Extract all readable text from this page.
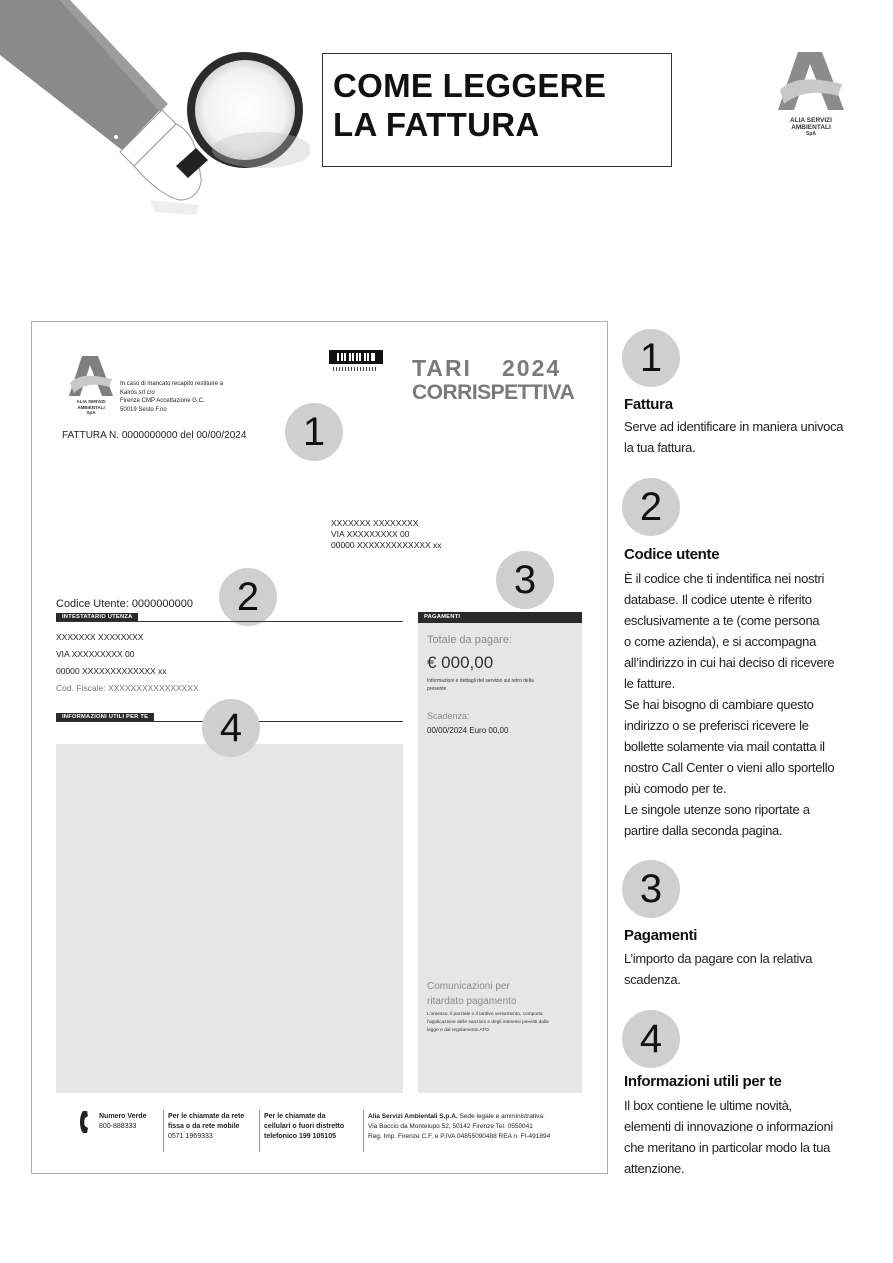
COME LEGGERE
LA FATTURA	ALIA SERVIZI
AMBIENTALI
SpA
ALIA SERVIZI
AMBIENTALI
SpA
In caso di mancato recapito restituire a
Kairós srl c/o
Firenze CMP Accettazione G.C.
50019 Sesto F.no
TARI 2024
CORRISPETTIVA
FATTURA N. 0000000000 del 00/00/2024	1
XXXXXXX XXXXXXXX
VIA XXXXXXXXX 00
00000 XXXXXXXXXXXXX xx
2
Codice Utente: 0000000000
INTESTATARIO UTENZA
XXXXXXX XXXXXXXX
VIA XXXXXXXXX 00
00000 XXXXXXXXXXXXX xx
Cod. Fiscale: XXXXXXXXXXXXXXXX
INFORMAZIONI UTILI PER TE	4
3
PAGAMENTI
Totale da pagare:
€ 000,00
Informazioni e dettagli del servizio sul retro della
presente
Scadenza:
00/00/2024 Euro 00,00
Comunicazioni per
ritardato pagamento
L'omesso, il parziale o il tardivo versamento, comporta
l'applicazione delle sanzioni e degli interessi previsti dalla
legge e dal regolamento ATO.
Numero Verde
800-888333
Per le chiamate da rete
fissa o da rete mobile
0571 1969333
Per le chiamate da
cellulari o fuori distretto
telefonico 199 105105
Alia Servizi Ambientali S.p.A. Sede legale e amministrativa:
Via Baccio da Montelupo 52, 50142 Firenze Tel. 0550041
Reg. Imp. Firenze C.F. e P.IVA 04855090488 REA n. FI-491894
1
Fattura
Serve ad identificare in maniera univoca
la tua fattura.
2
Codice utente
È il codice che ti indentifica nei nostri
database. Il codice utente è riferito
esclusivamente a te (come persona
o come azienda), e si accompagna
all’indirizzo in cui hai deciso di ricevere
le fatture.
Se hai bisogno di cambiare questo
indirizzo o se preferisci ricevere le
bollette solamente via mail contatta il
nostro Call Center o vieni allo sportello
più comodo per te.
Le singole utenze sono riportate a
partire dalla seconda pagina.
3
Pagamenti
L’importo da pagare con la relativa
scadenza.
4
Informazioni utili per te
Il box contiene le ultime novità,
elementi di innovazione o informazioni
che meritano in particolar modo la tua
attenzione.
